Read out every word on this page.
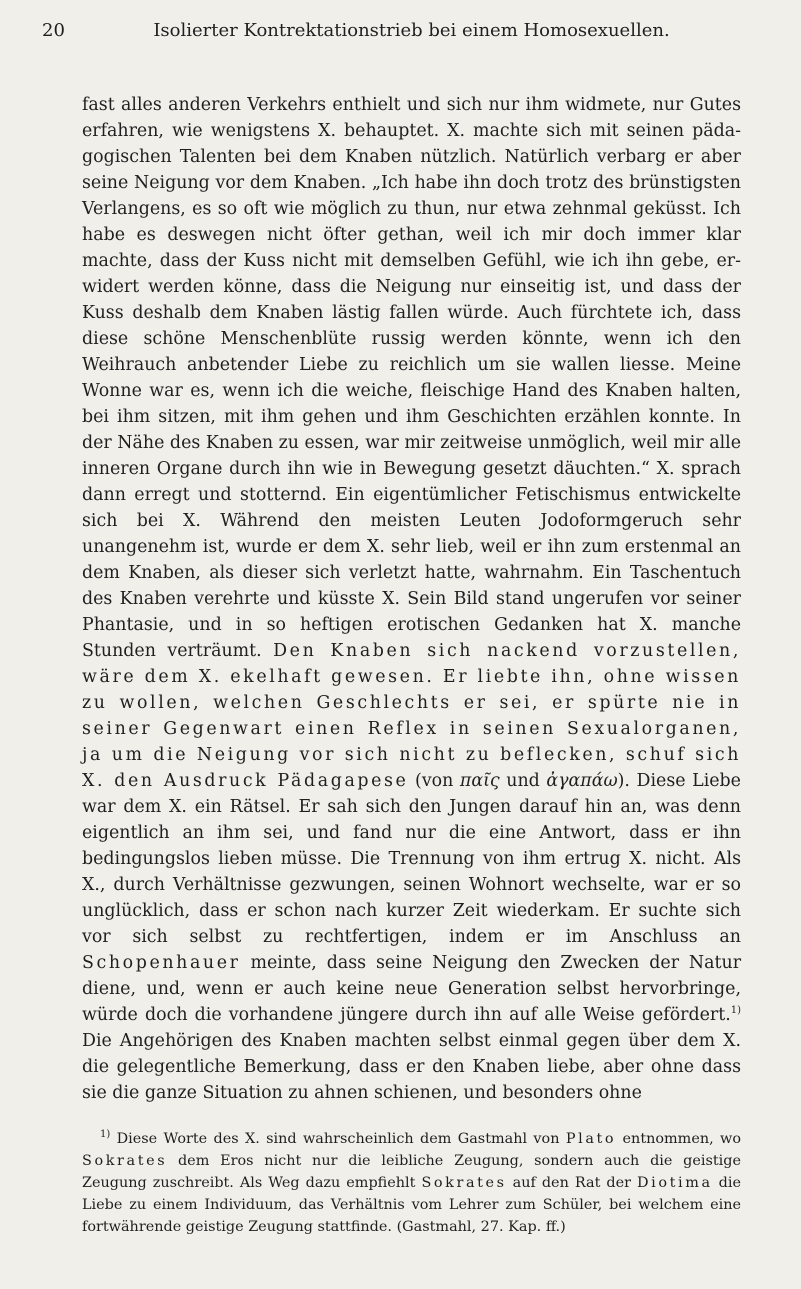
20	Isolierter Kontrektationstrieb bei einem Homosexuellen.

fast alles anderen Verkehrs enthielt und sich nur ihm widmete, nur Gutes erfahren, wie wenigstens X. behauptet. X. machte sich mit seinen pädagogischen Talenten bei dem Knaben nützlich. Natürlich verbarg er aber seine Neigung vor dem Knaben. „Ich habe ihn doch trotz des brünstigsten Verlangens, es so oft wie möglich zu thun, nur etwa zehnmal geküsst. Ich habe es deswegen nicht öfter gethan, weil ich mir doch immer klar machte, dass der Kuss nicht mit demselben Gefühl, wie ich ihn gebe, erwidert werden könne, dass die Neigung nur einseitig ist, und dass der Kuss deshalb dem Knaben lästig fallen würde. Auch fürchtete ich, dass diese schöne Menschenblüte russig werden könnte, wenn ich den Weihrauch anbetender Liebe zu reichlich um sie wallen liesse. Meine Wonne war es, wenn ich die weiche, fleischige Hand des Knaben halten, bei ihm sitzen, mit ihm gehen und ihm Geschichten erzählen konnte. In der Nähe des Knaben zu essen, war mir zeitweise unmöglich, weil mir alle inneren Organe durch ihn wie in Bewegung gesetzt däuchten.“ X. sprach dann erregt und stotternd. Ein eigentümlicher Fetischismus entwickelte sich bei X. Während den meisten Leuten Jodoformgeruch sehr unangenehm ist, wurde er dem X. sehr lieb, weil er ihn zum erstenmal an dem Knaben, als dieser sich verletzt hatte, wahrnahm. Ein Taschentuch des Knaben verehrte und küsste X. Sein Bild stand ungerufen vor seiner Phantasie, und in so heftigen erotischen Gedanken hat X. manche Stunden verträumt. Den Knaben sich nackend vorzustellen, wäre dem X. ekelhaft gewesen. Er liebte ihn, ohne wissen zu wollen, welchen Geschlechts er sei, er spürte nie in seiner Gegenwart einen Reflex in seinen Sexualorganen, ja um die Neigung vor sich nicht zu beflecken, schuf sich X. den Ausdruck Pädagapese (von παῖς und ἀγαπάω). Diese Liebe war dem X. ein Rätsel. Er sah sich den Jungen darauf hin an, was denn eigentlich an ihm sei, und fand nur die eine Antwort, dass er ihn bedingungslos lieben müsse. Die Trennung von ihm ertrug X. nicht. Als X., durch Verhältnisse gezwungen, seinen Wohnort wechselte, war er so unglücklich, dass er schon nach kurzer Zeit wiederkam. Er suchte sich vor sich selbst zu rechtfertigen, indem er im Anschluss an Schopenhauer meinte, dass seine Neigung den Zwecken der Natur diene, und, wenn er auch keine neue Generation selbst hervorbringe, würde doch die vorhandene jüngere durch ihn auf alle Weise gefördert.$^{1)}$ Die Angehörigen des Knaben machten selbst einmal gegen über dem X. die gelegentliche Bemerkung, dass er den Knaben liebe, aber ohne dass sie die ganze Situation zu ahnen schienen, und besonders ohne

$^{1)}$ Diese Worte des X. sind wahrscheinlich dem Gastmahl von Plato entnommen, wo Sokrates dem Eros nicht nur die leibliche Zeugung, sondern auch die geistige Zeugung zuschreibt. Als Weg dazu empfiehlt Sokrates auf den Rat der Diotima die Liebe zu einem Individuum, das Verhältnis vom Lehrer zum Schüler, bei welchem eine fortwährende geistige Zeugung stattfinde. (Gastmahl, 27. Kap. ff.)
